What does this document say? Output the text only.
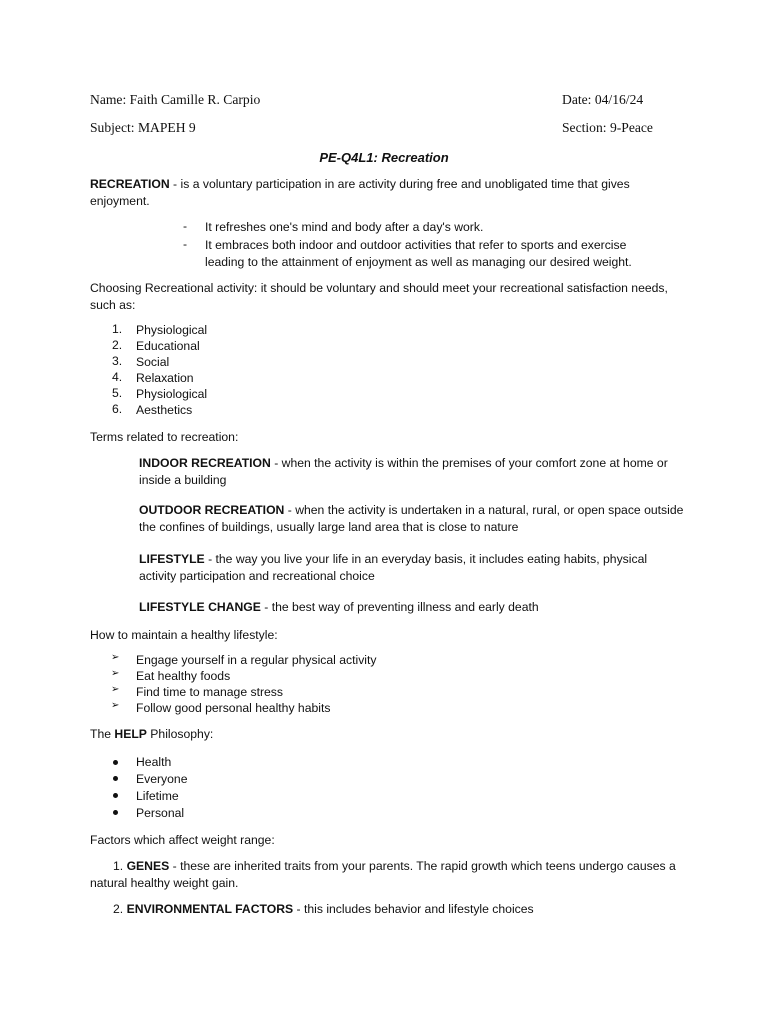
Name: Faith Camille R. Carpio	Date: 04/16/24
Subject: MAPEH 9	Section: 9-Peace
PE-Q4L1: Recreation
RECREATION - is a voluntary participation in are activity during free and unobligated time that gives enjoyment.
-	It refreshes one's mind and body after a day's work.
-	It embraces both indoor and outdoor activities that refer to sports and exercise leading to the attainment of enjoyment as well as managing our desired weight.
Choosing Recreational activity: it should be voluntary and should meet your recreational satisfaction needs, such as:
1.	Physiological
2.	Educational
3.	Social
4.	Relaxation
5.	Physiological
6.	Aesthetics
Terms related to recreation:
INDOOR RECREATION - when the activity is within the premises of your comfort zone at home or inside a building
OUTDOOR RECREATION - when the activity is undertaken in a natural, rural, or open space outside the confines of buildings, usually large land area that is close to nature
LIFESTYLE - the way you live your life in an everyday basis, it includes eating habits, physical activity participation and recreational choice
LIFESTYLE CHANGE - the best way of preventing illness and early death
How to maintain a healthy lifestyle:
➢	Engage yourself in a regular physical activity
➢	Eat healthy foods
➢	Find time to manage stress
➢	Follow good personal healthy habits
The HELP Philosophy:
Health
Everyone
Lifetime
Personal
Factors which affect weight range:
1. GENES - these are inherited traits from your parents. The rapid growth which teens undergo causes a natural healthy weight gain.
2. ENVIRONMENTAL FACTORS - this includes behavior and lifestyle choices
